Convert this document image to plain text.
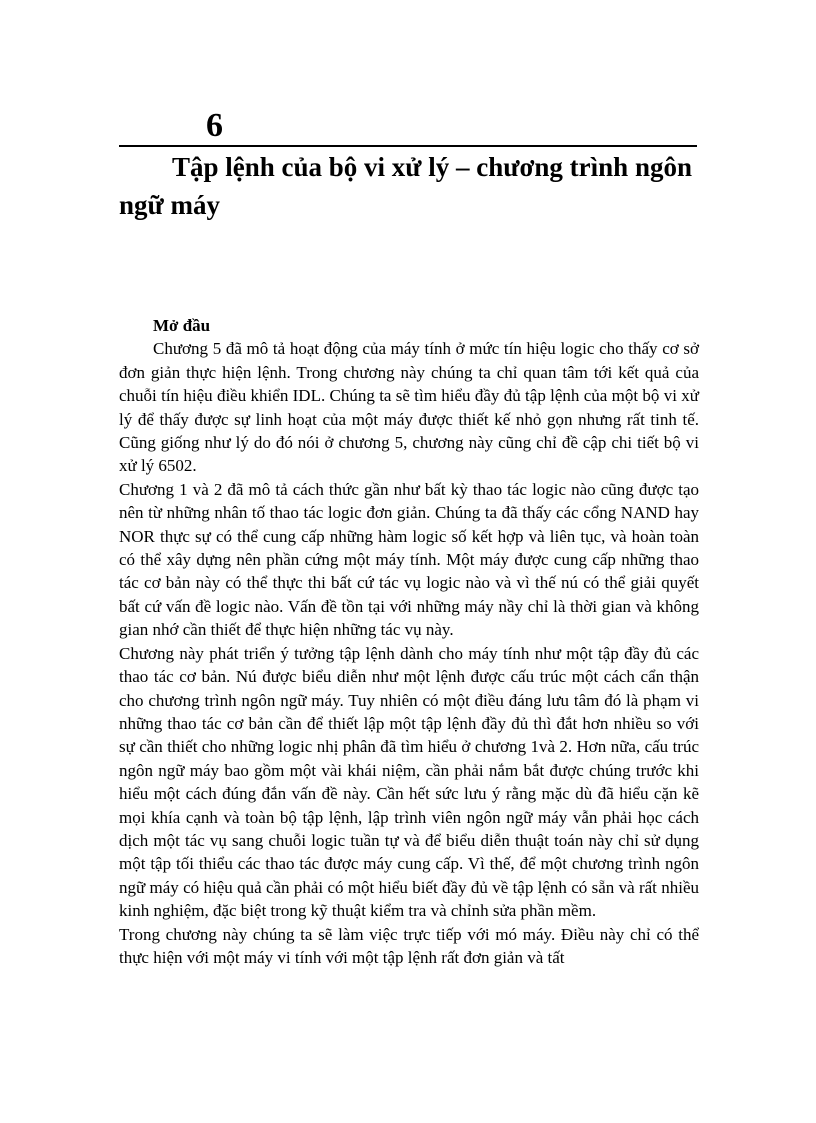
6
Tập lệnh của bộ vi xử lý – chương trình ngôn ngữ máy
Mở đầu

Chương 5 đã mô tả hoạt động của máy tính ở mức tín hiệu logic cho thấy cơ sở đơn giản thực hiện lệnh. Trong chương này chúng ta chỉ quan tâm tới kết quả của chuỗi tín hiệu điều khiển IDL. Chúng ta sẽ tìm hiểu đầy đủ tập lệnh của một bộ vi xử lý để thấy được sự linh hoạt của một máy được thiết kế nhỏ gọn nhưng rất tinh tế. Cũng giống như lý do đó nói ở chương 5, chương này cũng chỉ đề cập chi tiết bộ vi xử lý 6502.

Chương 1 và 2 đã mô tả cách thức gần như bất kỳ thao tác logic nào cũng được tạo nên từ những nhân tố thao tác logic đơn giản. Chúng ta đã thấy các cổng NAND hay NOR thực sự có thể cung cấp những hàm logic số kết hợp và liên tục, và hoàn toàn có thể xây dựng nên phần cứng một máy tính. Một máy được cung cấp những thao tác cơ bản này có thể thực thi bất cứ tác vụ logic nào và vì thế nú có thể giải quyết bất cứ vấn đề logic nào. Vấn đề tồn tại với những máy nầy chỉ là thời gian và không gian nhớ cần thiết để thực hiện những tác vụ này.

Chương này phát triển ý tưởng tập lệnh dành cho máy tính như một tập đầy đủ các thao tác cơ bản. Nú được biểu diễn như một lệnh được cấu trúc một cách cẩn thận cho chương trình ngôn ngữ máy. Tuy nhiên có một điều đáng lưu tâm đó là phạm vi những thao tác cơ bản cần để thiết lập một tập lệnh đầy đủ thì đắt hơn nhiều so với sự cần thiết cho những logic nhị phân đã tìm hiểu ở chương 1và 2. Hơn nữa, cấu trúc ngôn ngữ máy bao gồm một vài khái niệm, cần phải nắm bắt được chúng trước khi hiểu một cách đúng đắn vấn đề này. Cần hết sức lưu ý rằng mặc dù đã hiểu cặn kẽ mọi khía cạnh và toàn bộ tập lệnh, lập trình viên ngôn ngữ máy vẫn phải học cách dịch một tác vụ sang chuỗi logic tuần tự và để biểu diễn thuật toán này chỉ sử dụng một tập tối thiểu các thao tác được máy cung cấp. Vì thế, để một chương trình ngôn ngữ máy có hiệu quả cần phải có một hiểu biết đầy đủ về tập lệnh có sẵn và rất nhiều kinh nghiệm, đặc biệt trong kỹ thuật kiểm tra và chỉnh sửa phần mềm.

Trong chương này chúng ta sẽ làm việc trực tiếp với mó máy. Điều này chỉ có thể thực hiện với một máy vi tính với một tập lệnh rất đơn giản và tất
